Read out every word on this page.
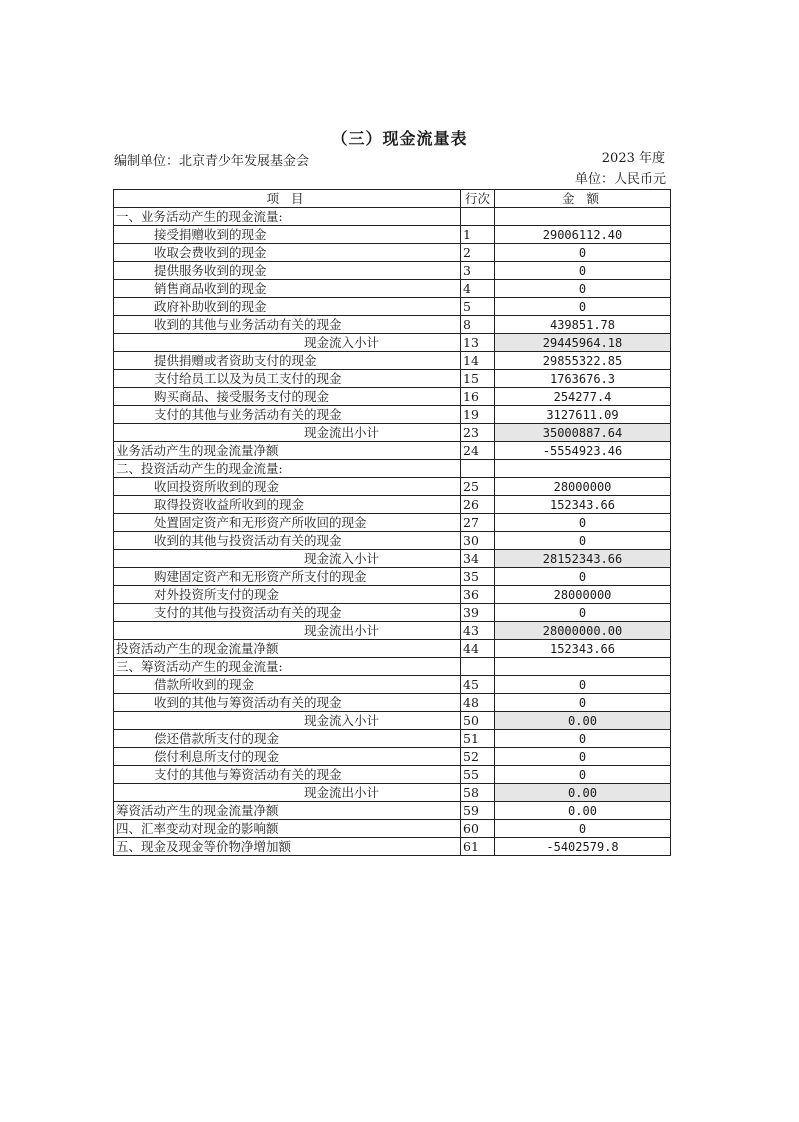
（三）现金流量表
编制单位：北京青少年发展基金会	2023 年度
单位：人民币元
项 目	行次	金 额
一、业务活动产生的现金流量:		
接受捐赠收到的现金	1	29006112.40
收取会费收到的现金	2	0
提供服务收到的现金	3	0
销售商品收到的现金	4	0
政府补助收到的现金	5	0
收到的其他与业务活动有关的现金	8	439851.78
现金流入小计	13	29445964.18
提供捐赠或者资助支付的现金	14	29855322.85
支付给员工以及为员工支付的现金	15	1763676.3
购买商品、接受服务支付的现金	16	254277.4
支付的其他与业务活动有关的现金	19	3127611.09
现金流出小计	23	35000887.64
业务活动产生的现金流量净额	24	-5554923.46
二、投资活动产生的现金流量:		
收回投资所收到的现金	25	28000000
取得投资收益所收到的现金	26	152343.66
处置固定资产和无形资产所收回的现金	27	0
收到的其他与投资活动有关的现金	30	0
现金流入小计	34	28152343.66
购建固定资产和无形资产所支付的现金	35	0
对外投资所支付的现金	36	28000000
支付的其他与投资活动有关的现金	39	0
现金流出小计	43	28000000.00
投资活动产生的现金流量净额	44	152343.66
三、筹资活动产生的现金流量:		
借款所收到的现金	45	0
收到的其他与筹资活动有关的现金	48	0
现金流入小计	50	0.00
偿还借款所支付的现金	51	0
偿付利息所支付的现金	52	0
支付的其他与筹资活动有关的现金	55	0
现金流出小计	58	0.00
筹资活动产生的现金流量净额	59	0.00
四、汇率变动对现金的影响额	60	0
五、现金及现金等价物净增加额	61	-5402579.8
